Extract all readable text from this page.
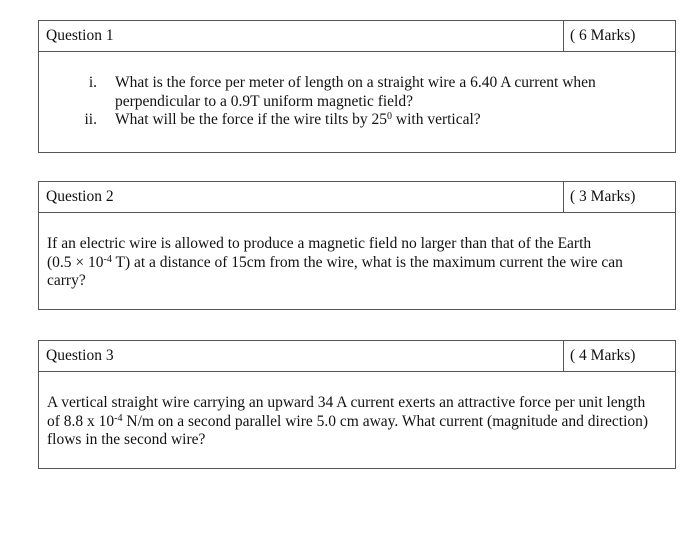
Question 1	( 6 Marks)
i.	What is the force per meter of length on a straight wire a 6.40 A current when
perpendicular to a 0.9T uniform magnetic field?
ii.	What will be the force if the wire tilts by $25^0$ with vertical?
Question 2	( 3 Marks)
If an electric wire is allowed to produce a magnetic field no larger than that of the Earth
($0.5 \times 10^{-4}$ T) at a distance of 15cm from the wire, what is the maximum current the wire can
carry?
Question 3	( 4 Marks)
A vertical straight wire carrying an upward 34 A current exerts an attractive force per unit length
of 8.8 x $10^{-4}$ N/m on a second parallel wire 5.0 cm away. What current (magnitude and direction)
flows in the second wire?
